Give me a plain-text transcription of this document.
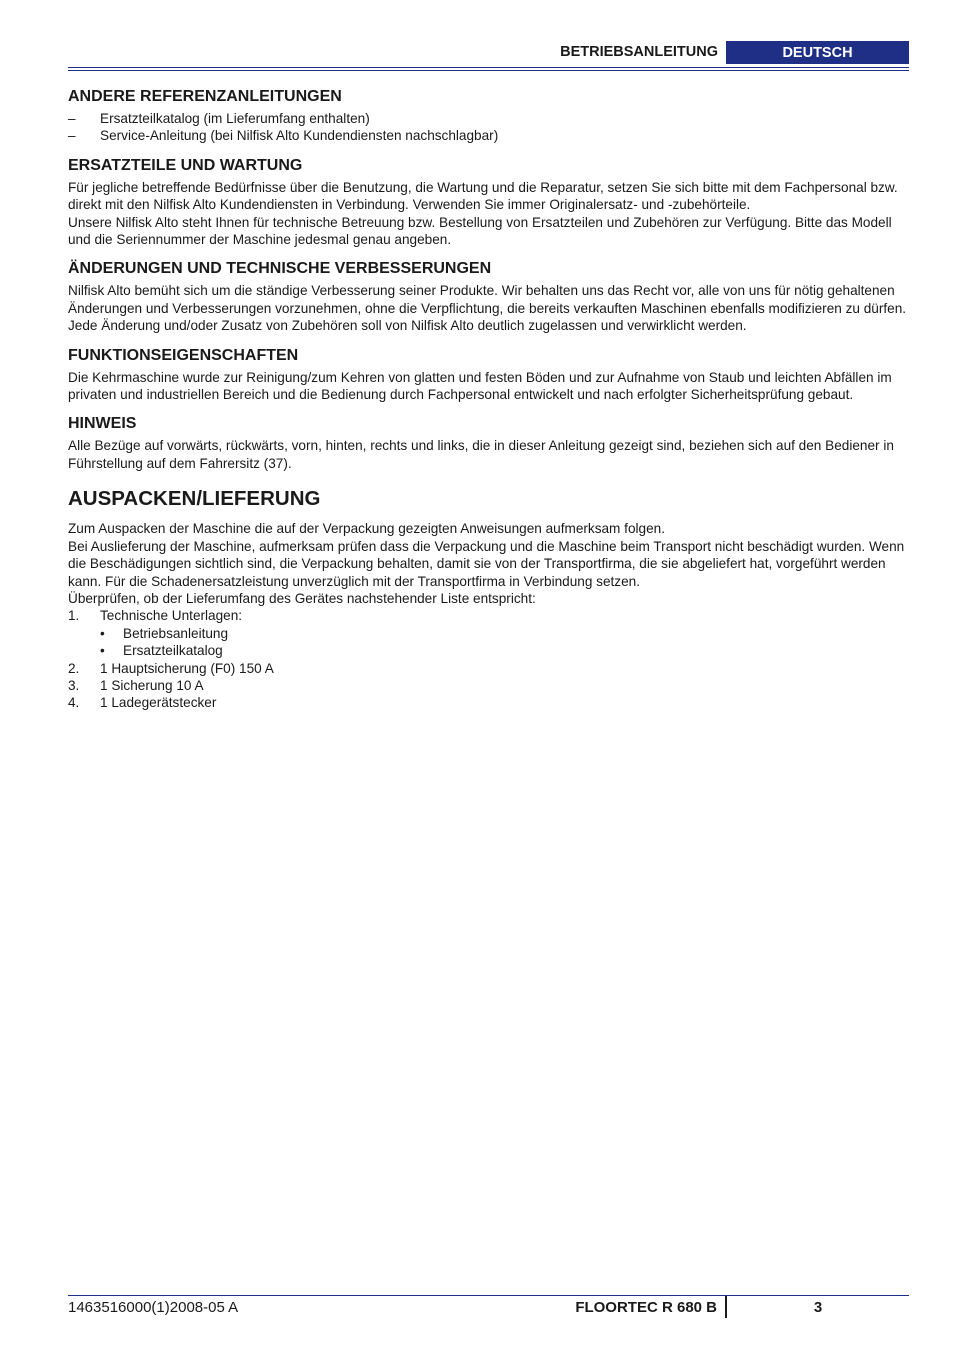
BETRIEBSANLEITUNG	DEUTSCH
ANDERE REFERENZANLEITUNGEN
– Ersatzteilkatalog (im Lieferumfang enthalten)
– Service-Anleitung (bei Nilfisk Alto Kundendiensten nachschlagbar)
ERSATZTEILE UND WARTUNG

Für jegliche betreffende Bedürfnisse über die Benutzung, die Wartung und die Reparatur, setzen Sie sich bitte mit dem Fachpersonal bzw. direkt mit den Nilfisk Alto Kundendiensten in Verbindung. Verwenden Sie immer Originalersatz- und -zubehörteile.

Unsere Nilfisk Alto steht Ihnen für technische Betreuung bzw. Bestellung von Ersatzteilen und Zubehören zur Verfügung. Bitte das Modell und die Seriennummer der Maschine jedesmal genau angeben.

ÄNDERUNGEN UND TECHNISCHE VERBESSERUNGEN

Nilfisk Alto bemüht sich um die ständige Verbesserung seiner Produkte. Wir behalten uns das Recht vor, alle von uns für nötig gehaltenen Änderungen und Verbesserungen vorzunehmen, ohne die Verpflichtung, die bereits verkauften Maschinen ebenfalls modifizieren zu dürfen.

Jede Änderung und/oder Zusatz von Zubehören soll von Nilfisk Alto deutlich zugelassen und verwirklicht werden.

FUNKTIONSEIGENSCHAFTEN

Die Kehrmaschine wurde zur Reinigung/zum Kehren von glatten und festen Böden und zur Aufnahme von Staub und leichten Abfällen im privaten und industriellen Bereich und die Bedienung durch Fachpersonal entwickelt und nach erfolgter Sicherheitsprüfung gebaut.

HINWEIS

Alle Bezüge auf vorwärts, rückwärts, vorn, hinten, rechts und links, die in dieser Anleitung gezeigt sind, beziehen sich auf den Bediener in Führstellung auf dem Fahrersitz (37).

AUSPACKEN/LIEFERUNG

Zum Auspacken der Maschine die auf der Verpackung gezeigten Anweisungen aufmerksam folgen.

Bei Auslieferung der Maschine, aufmerksam prüfen dass die Verpackung und die Maschine beim Transport nicht beschädigt wurden. Wenn die Beschädigungen sichtlich sind, die Verpackung behalten, damit sie von der Transportfirma, die sie abgeliefert hat, vorgeführt werden kann. Für die Schadenersatzleistung unverzüglich mit der Transportfirma in Verbindung setzen.

Überprüfen, ob der Lieferumfang des Gerätes nachstehender Liste entspricht:

1. Technische Unterlagen:
• Betriebsanleitung
• Ersatzteilkatalog
2. 1 Hauptsicherung (F0) 150 A
3. 1 Sicherung 10 A
4. 1 Ladegerätstecker
1463516000(1)2008-05 A	FLOORTEC R 680 B	3
